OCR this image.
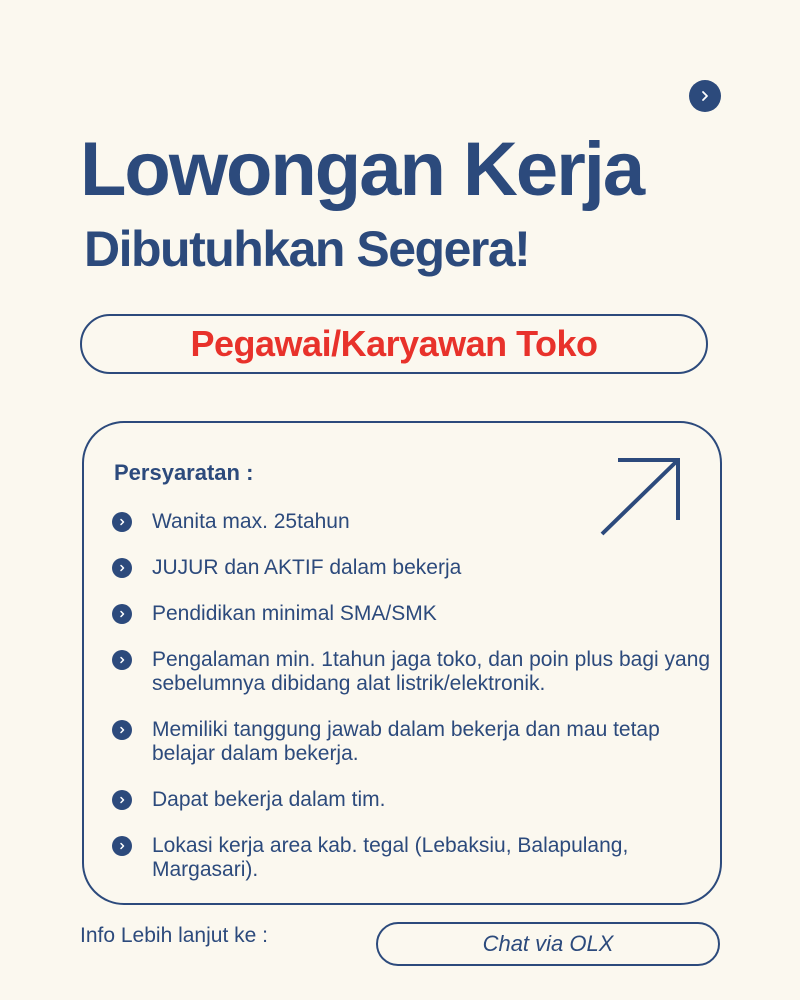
Lowongan Kerja
Dibutuhkan Segera!
Pegawai/Karyawan Toko
Persyaratan :
Wanita max. 25tahun
JUJUR dan AKTIF dalam bekerja
Pendidikan minimal SMA/SMK
Pengalaman min. 1tahun jaga toko, dan poin plus bagi yang sebelumnya dibidang alat listrik/elektronik.
Memiliki tanggung jawab dalam bekerja dan mau tetap belajar dalam bekerja.
Dapat bekerja dalam tim.
Lokasi kerja area kab. tegal (Lebaksiu, Balapulang, Margasari).
Info Lebih lanjut ke :	Chat via OLX
